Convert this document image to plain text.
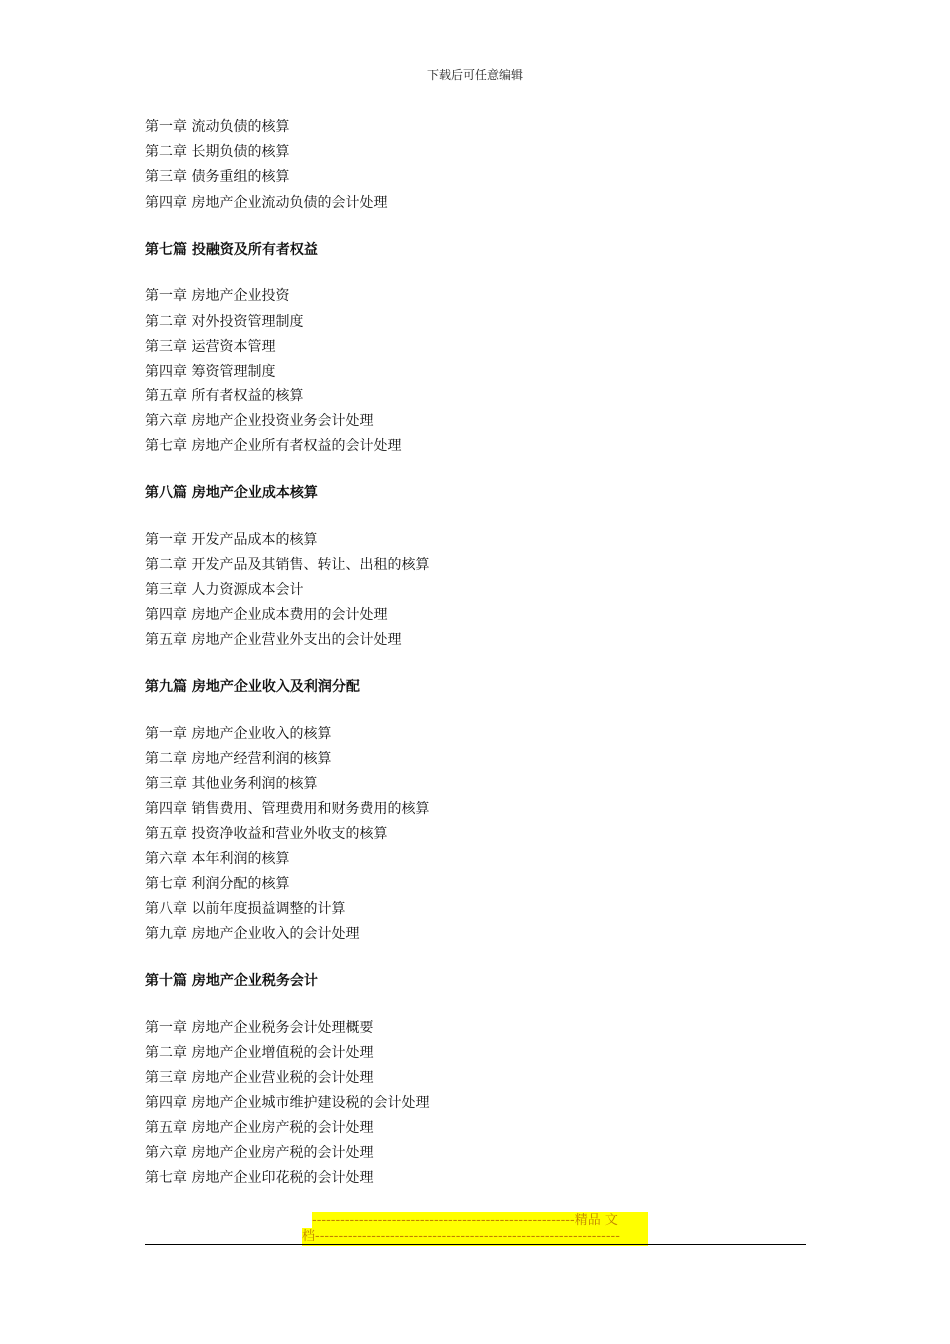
下载后可任意编辑
第一章 流动负债的核算
第二章 长期负债的核算
第三章 债务重组的核算
第四章 房地产企业流动负债的会计处理
第七篇 投融资及所有者权益
第一章 房地产企业投资
第二章 对外投资管理制度
第三章 运营资本管理
第四章 筹资管理制度
第五章 所有者权益的核算
第六章 房地产企业投资业务会计处理
第七章 房地产企业所有者权益的会计处理
第八篇 房地产企业成本核算
第一章 开发产品成本的核算
第二章 开发产品及其销售、转让、出租的核算
第三章 人力资源成本会计
第四章 房地产企业成本费用的会计处理
第五章 房地产企业营业外支出的会计处理
第九篇 房地产企业收入及利润分配
第一章 房地产企业收入的核算
第二章 房地产经营利润的核算
第三章 其他业务利润的核算
第四章 销售费用、管理费用和财务费用的核算
第五章 投资净收益和营业外收支的核算
第六章 本年利润的核算
第七章 利润分配的核算
第八章 以前年度损益调整的计算
第九章 房地产企业收入的会计处理
第十篇 房地产企业税务会计
第一章 房地产企业税务会计处理概要
第二章 房地产企业增值税的会计处理
第三章 房地产企业营业税的会计处理
第四章 房地产企业城市维护建设税的会计处理
第五章 房地产企业房产税的会计处理
第六章 房地产企业房产税的会计处理
第七章 房地产企业印花税的会计处理
--------------------------------------------------------精品 文
档-----------------------------------------------------------------
